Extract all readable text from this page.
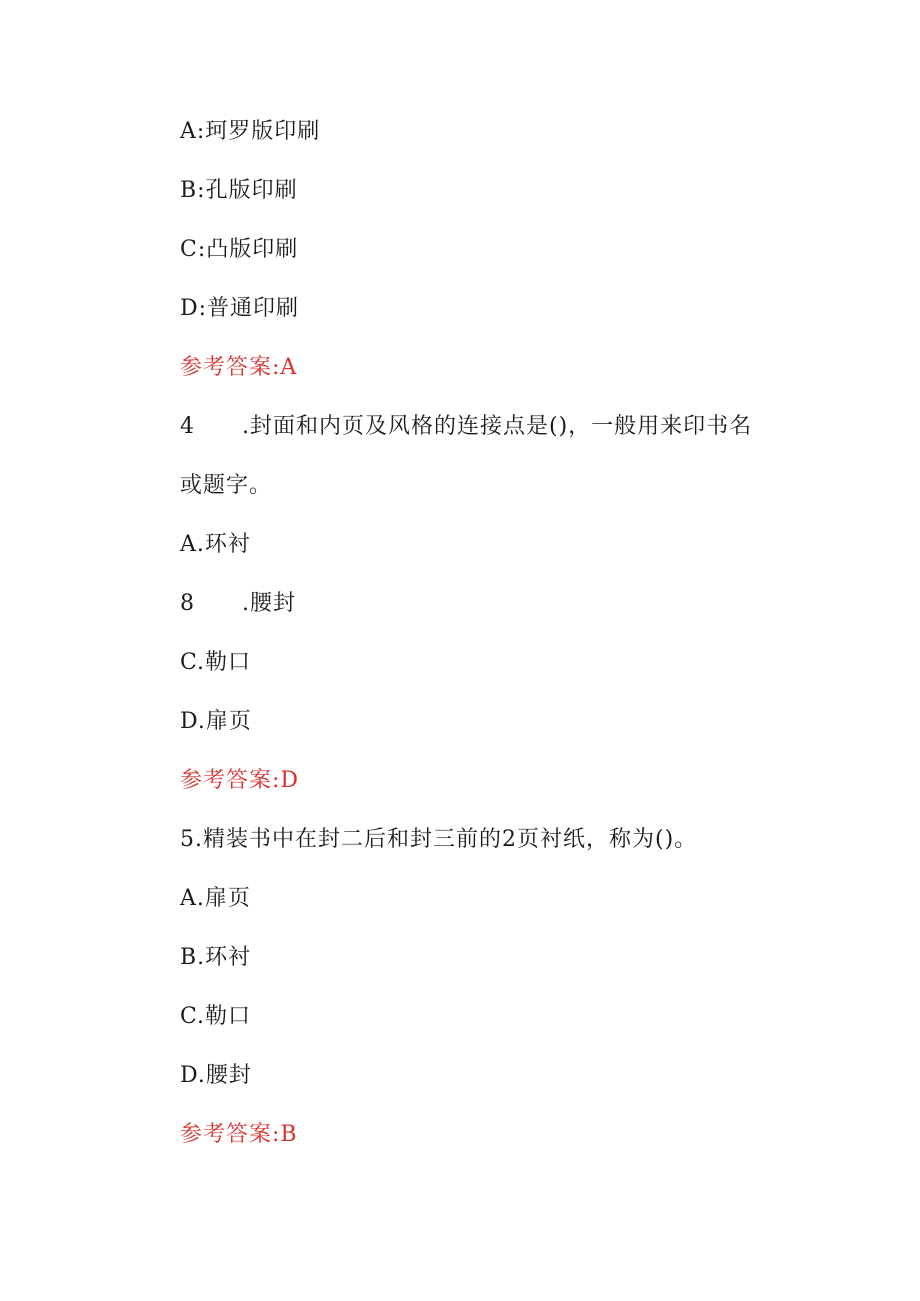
A:珂罗版印刷
B:孔版印刷
C:凸版印刷
D:普通印刷
参考答案:A
4 .封面和内页及风格的连接点是()，一般用来印书名
或题字。
A.环衬
8 .腰封
C.勒口
D.扉页
参考答案:D
5.精装书中在封二后和封三前的2页衬纸，称为()。
A.扉页
B.环衬
C.勒口
D.腰封
参考答案:B
